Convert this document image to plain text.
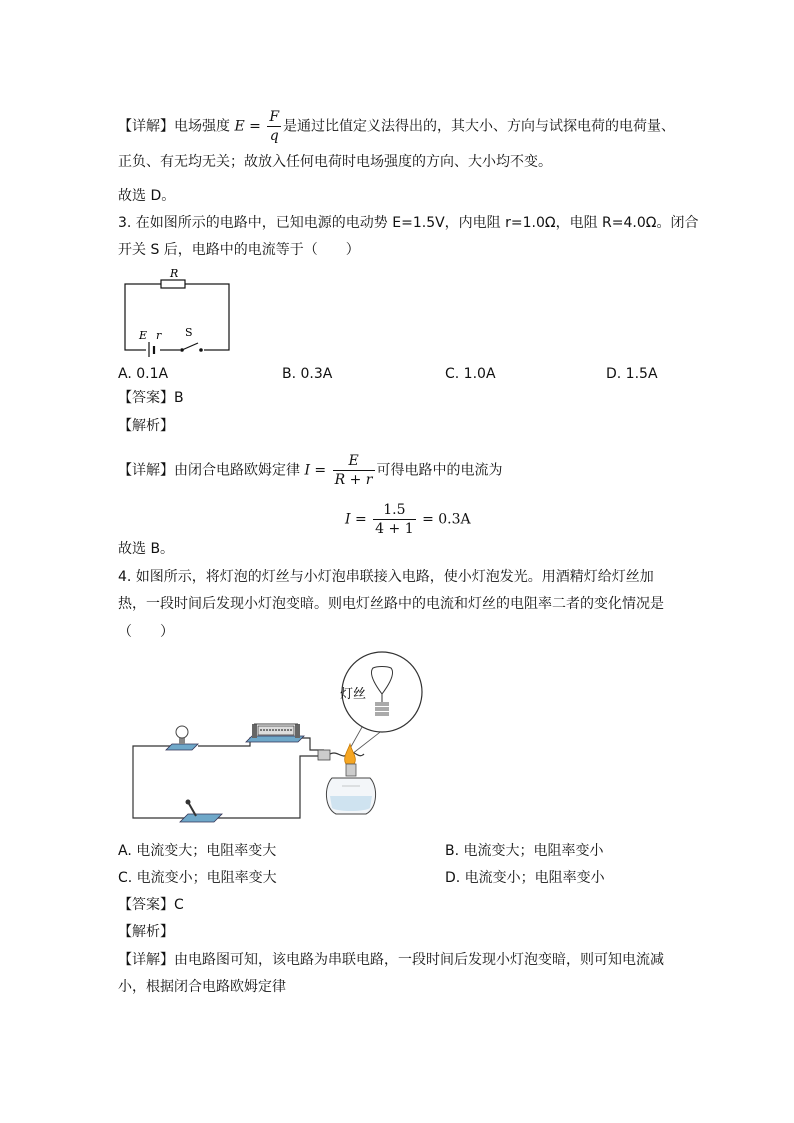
【详解】电场强度 $E = \frac{F}{q}$ 是通过比值定义法得出的，其大小、方向与试探电荷的电荷量、
正负、有无均无关；故放入任何电荷时电场强度的方向、大小均不变。
故选 D。
3. 在如图所示的电路中，已知电源的电动势 E=1.5V，内电阻 r=1.0Ω，电阻 R=4.0Ω。闭合
开关 S 后，电路中的电流等于（　　）
R
E r S
A. 0.1A	B. 0.3A	C. 1.0A	D. 1.5A
【答案】B
【解析】
【详解】由闭合电路欧姆定律 $I = \frac{E}{R + r}$ 可得电路中的电流为
$I = \frac{1.5}{4 + 1} = 0.3A$
故选 B。
4. 如图所示，将灯泡的灯丝与小灯泡串联接入电路，使小灯泡发光。用酒精灯给灯丝加
热，一段时间后发现小灯泡变暗。则电灯丝路中的电流和灯丝的电阻率二者的变化情况是
（　　）
灯丝
A. 电流变大；电阻率变大	B. 电流变大；电阻率变小
C. 电流变小；电阻率变大	D. 电流变小；电阻率变小
【答案】C
【解析】
【详解】由电路图可知，该电路为串联电路，一段时间后发现小灯泡变暗，则可知电流减
小，根据闭合电路欧姆定律
